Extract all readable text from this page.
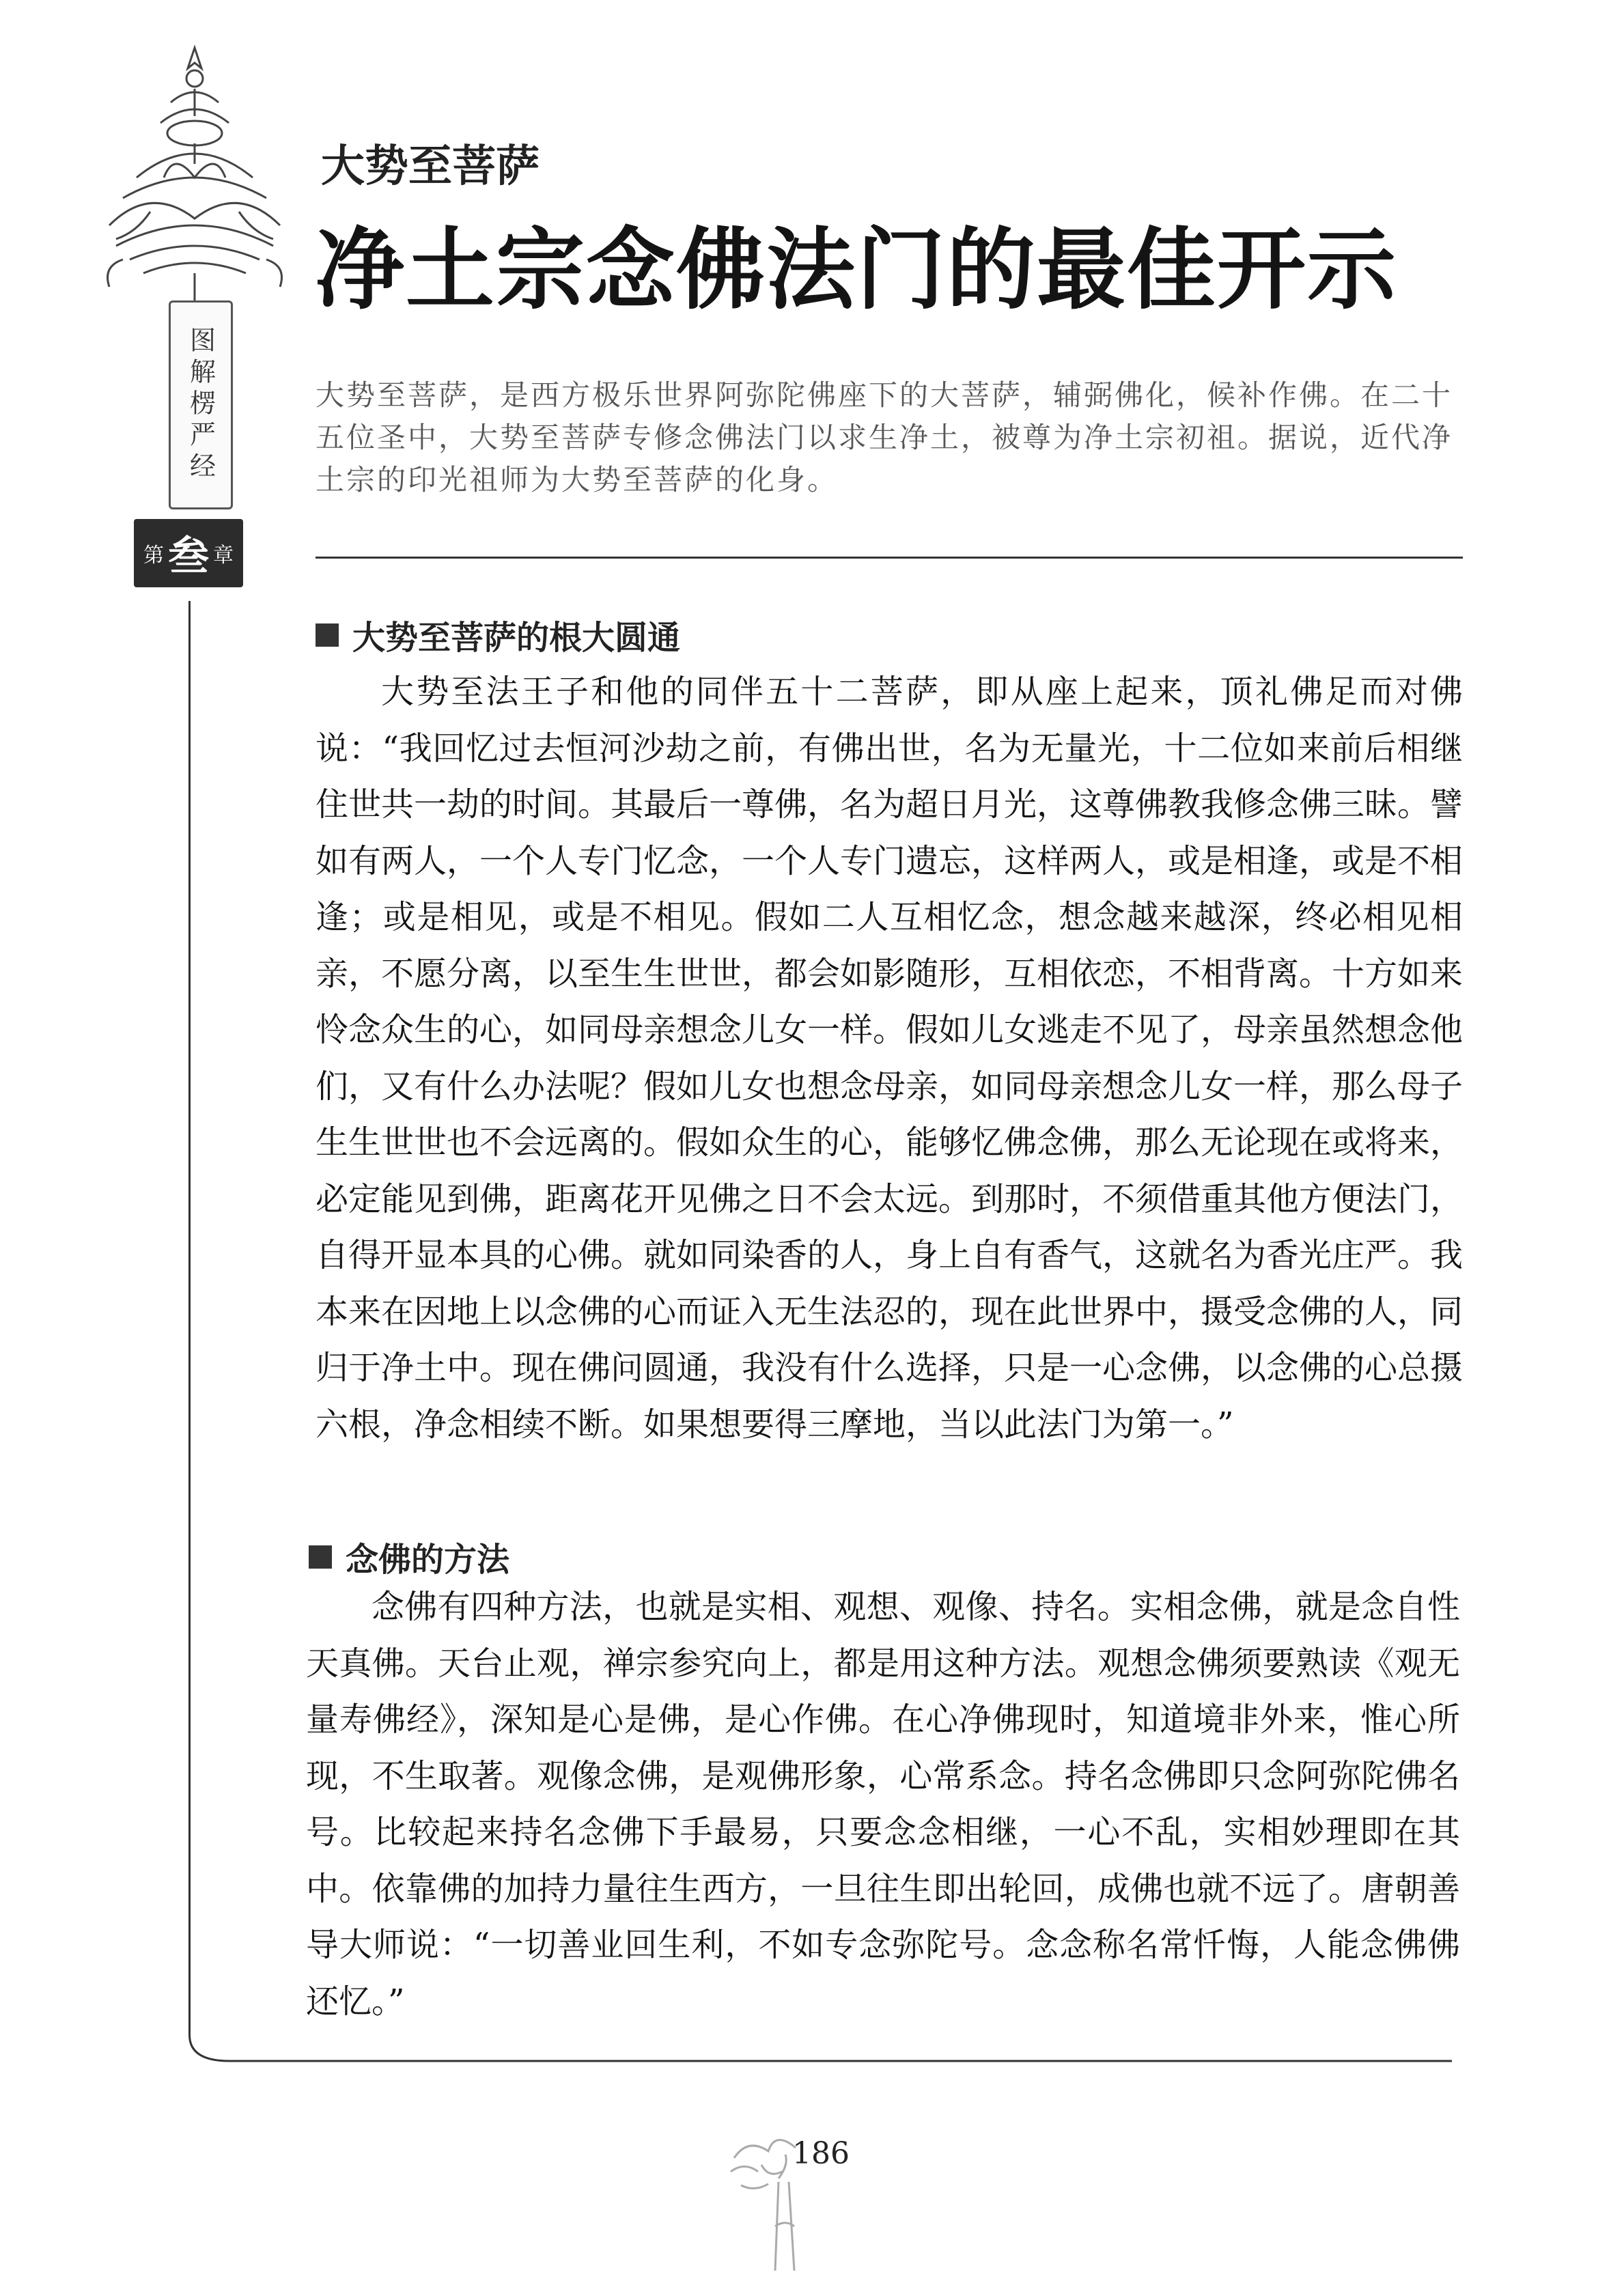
图解楞严经
第 叁 章
大势至菩萨
净土宗念佛法门的最佳开示

大势至菩萨，是西方极乐世界阿弥陀佛座下的大菩萨，辅弼佛化，候补作佛。在二十五位圣中，大势至菩萨专修念佛法门以求生净土，被尊为净土宗初祖。据说，近代净土宗的印光祖师为大势至菩萨的化身。

大势至菩萨的根大圆通

大势至法王子和他的同伴五十二菩萨，即从座上起来，顶礼佛足而对佛说：“我回忆过去恒河沙劫之前，有佛出世，名为无量光，十二位如来前后相继住世共一劫的时间。其最后一尊佛，名为超日月光，这尊佛教我修念佛三昧。譬如有两人，一个人专门忆念，一个人专门遗忘，这样两人，或是相逢，或是不相逢；或是相见，或是不相见。假如二人互相忆念，想念越来越深，终必相见相亲，不愿分离，以至生生世世，都会如影随形，互相依恋，不相背离。十方如来怜念众生的心，如同母亲想念儿女一样。假如儿女逃走不见了，母亲虽然想念他们，又有什么办法呢？假如儿女也想念母亲，如同母亲想念儿女一样，那么母子生生世世也不会远离的。假如众生的心，能够忆佛念佛，那么无论现在或将来，必定能见到佛，距离花开见佛之日不会太远。到那时，不须借重其他方便法门，自得开显本具的心佛。就如同染香的人，身上自有香气，这就名为香光庄严。我本来在因地上以念佛的心而证入无生法忍的，现在此世界中，摄受念佛的人，同归于净土中。现在佛问圆通，我没有什么选择，只是一心念佛，以念佛的心总摄六根，净念相续不断。如果想要得三摩地，当以此法门为第一。”

念佛的方法

念佛有四种方法，也就是实相、观想、观像、持名。实相念佛，就是念自性天真佛。天台止观，禅宗参究向上，都是用这种方法。观想念佛须要熟读《观无量寿佛经》，深知是心是佛，是心作佛。在心净佛现时，知道境非外来，惟心所现，不生取著。观像念佛，是观佛形象，心常系念。持名念佛即只念阿弥陀佛名号。比较起来持名念佛下手最易，只要念念相继，一心不乱，实相妙理即在其中。依靠佛的加持力量往生西方，一旦往生即出轮回，成佛也就不远了。唐朝善导大师说：“一切善业回生利，不如专念弥陀号。念念称名常忏悔，人能念佛佛还忆。”

186
